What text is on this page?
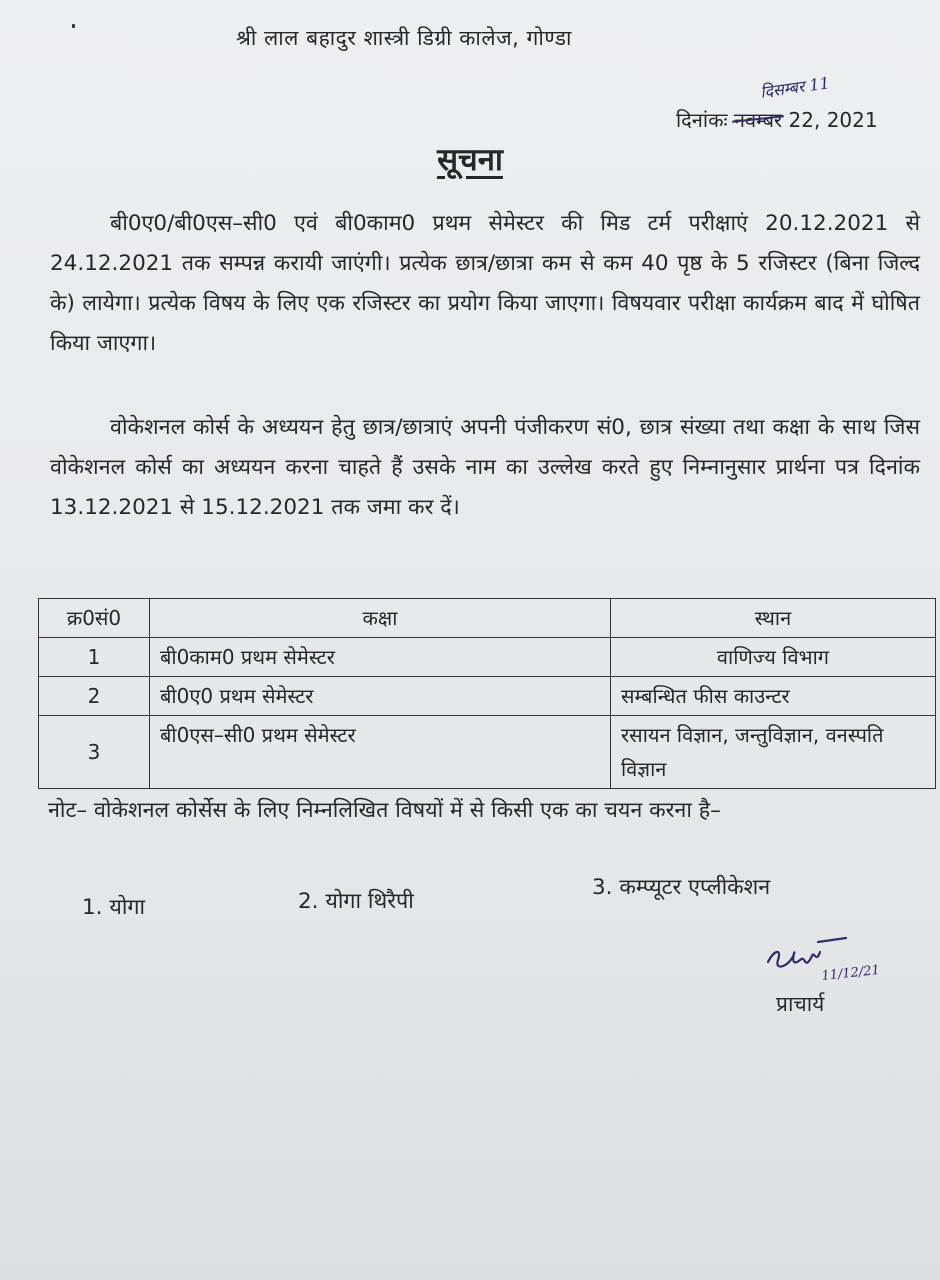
श्री लाल बहादुर शास्त्री डिग्री कालेज, गोण्डा
दिसम्बर 11
दिनांकः नवम्बर 22, 2021
सूचना

बी0ए0/बी0एस–सी0 एवं बी0काम0 प्रथम सेमेस्टर की मिड टर्म परीक्षाएं 20.12.2021 से 24.12.2021 तक सम्पन्न करायी जाएंगी। प्रत्येक छात्र/छात्रा कम से कम 40 पृष्ठ के 5 रजिस्टर (बिना जिल्द के) लायेगा। प्रत्येक विषय के लिए एक रजिस्टर का प्रयोग किया जाएगा। विषयवार परीक्षा कार्यक्रम बाद में घोषित किया जाएगा।

वोकेशनल कोर्स के अध्ययन हेतु छात्र/छात्राएं अपनी पंजीकरण सं0, छात्र संख्या तथा कक्षा के साथ जिस वोकेशनल कोर्स का अध्ययन करना चाहते हैं उसके नाम का उल्लेख करते हुए निम्नानुसार प्रार्थना पत्र दिनांक 13.12.2021 से 15.12.2021 तक जमा कर दें।

क्र0सं0	कक्षा	स्थान
1	बी0काम0 प्रथम सेमेस्टर	वाणिज्य विभाग
2	बी0ए0 प्रथम सेमेस्टर	सम्बन्धित फीस काउन्टर
3	बी0एस–सी0 प्रथम सेमेस्टर	रसायन विज्ञान, जन्तुविज्ञान, वनस्पति विज्ञान

नोट– वोकेशनल कोर्सेस के लिए निम्नलिखित विषयों में से किसी एक का चयन करना है–

1. योगा	2. योगा थिरैपी
3. कम्प्यूटर एप्लीकेशन
11/12/21
प्राचार्य
